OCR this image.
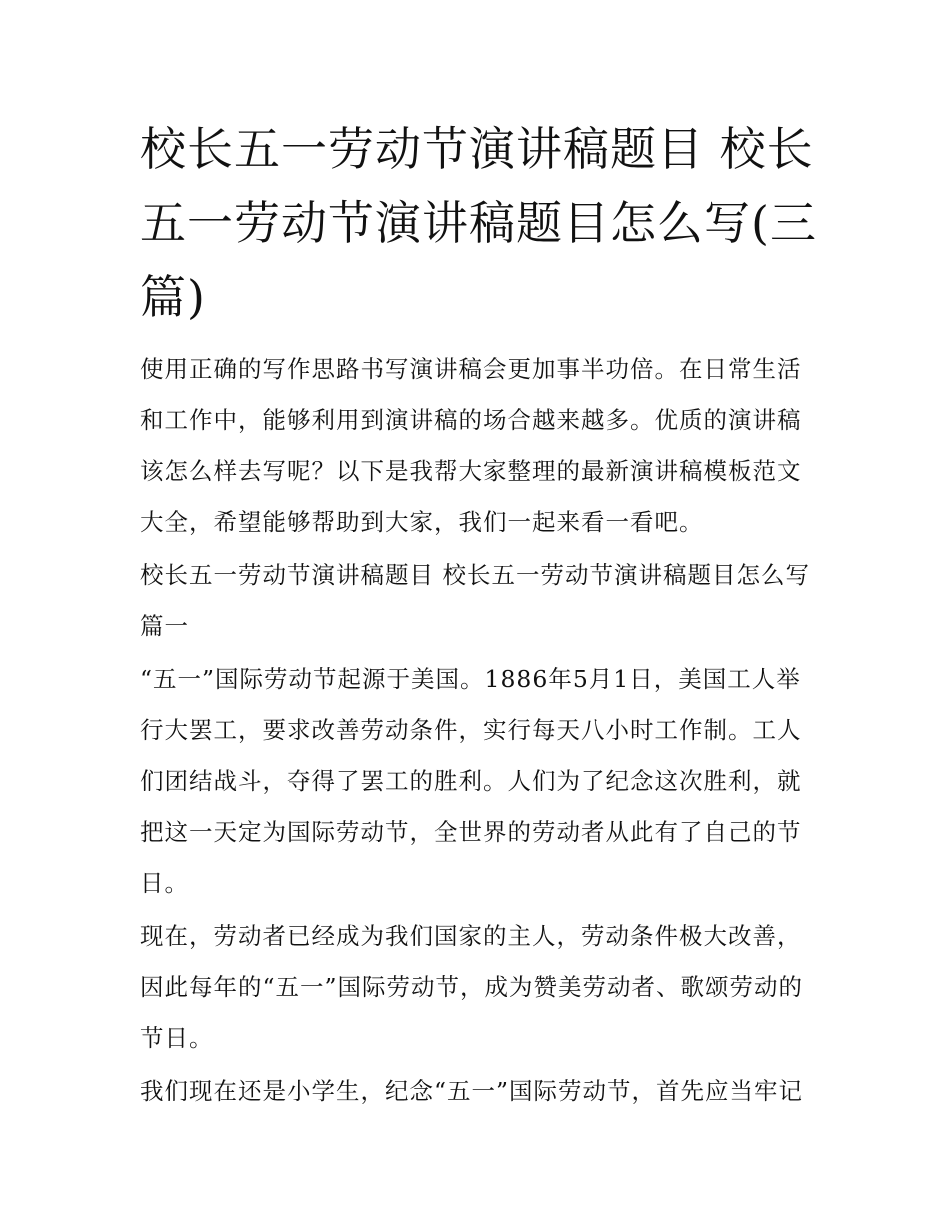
校长五一劳动节演讲稿题目 校长五一劳动节演讲稿题目怎么写(三篇)

使用正确的写作思路书写演讲稿会更加事半功倍。在日常生活和工作中，能够利用到演讲稿的场合越来越多。优质的演讲稿该怎么样去写呢？以下是我帮大家整理的最新演讲稿模板范文大全，希望能够帮助到大家，我们一起来看一看吧。

校长五一劳动节演讲稿题目 校长五一劳动节演讲稿题目怎么写篇一

“五一”国际劳动节起源于美国。1886年5月1日，美国工人举行大罢工，要求改善劳动条件，实行每天八小时工作制。工人们团结战斗，夺得了罢工的胜利。人们为了纪念这次胜利，就把这一天定为国际劳动节，全世界的劳动者从此有了自己的节日。

现在，劳动者已经成为我们国家的主人，劳动条件极大改善，因此每年的“五一”国际劳动节，成为赞美劳动者、歌颂劳动的节日。

我们现在还是小学生，纪念“五一”国际劳动节，首先应当牢记
